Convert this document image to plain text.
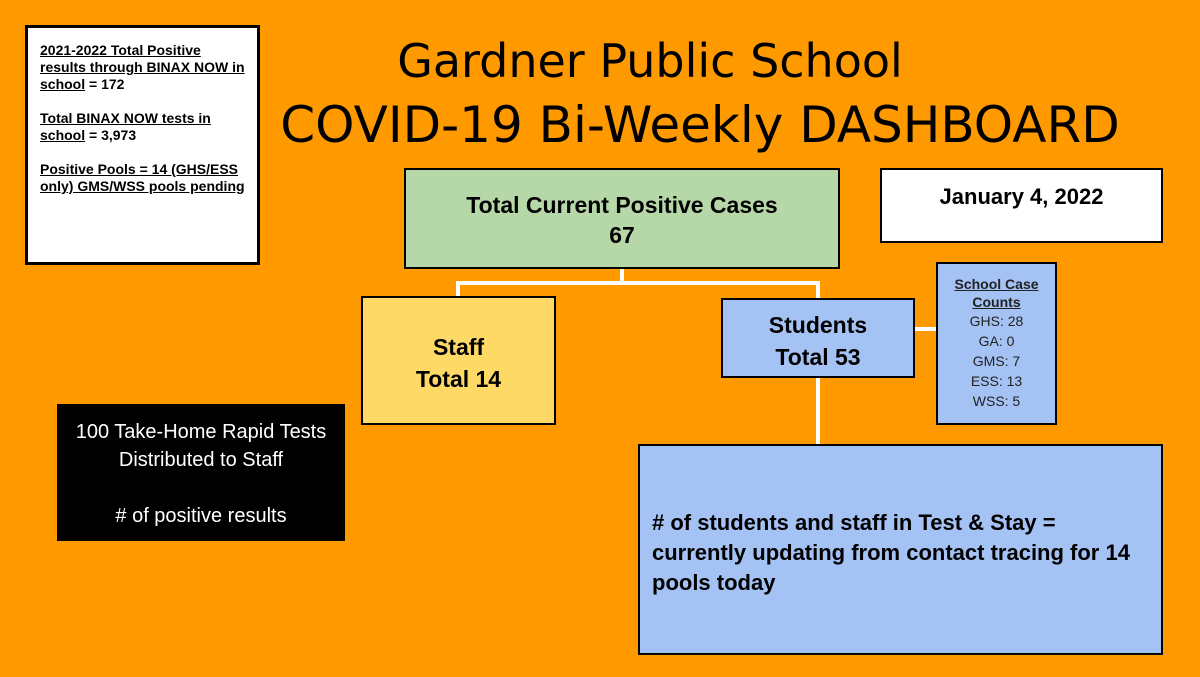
Gardner Public School
COVID-19 Bi-Weekly DASHBOARD

2021-2022 Total Positive results through BINAX NOW in school = 172

Total BINAX NOW tests in school = 3,973

Positive Pools = 14 (GHS/ESS only) GMS/WSS pools pending

Total Current Positive Cases
67
January 4, 2022
Staff
Total 14
Students
Total 53
School Case Counts
GHS: 28
GA: 0
GMS: 7
ESS: 13
WSS: 5
100 Take-Home Rapid Tests Distributed to Staff
# of positive results	# of students and staff in Test & Stay = currently updating from contact tracing for 14 pools today
